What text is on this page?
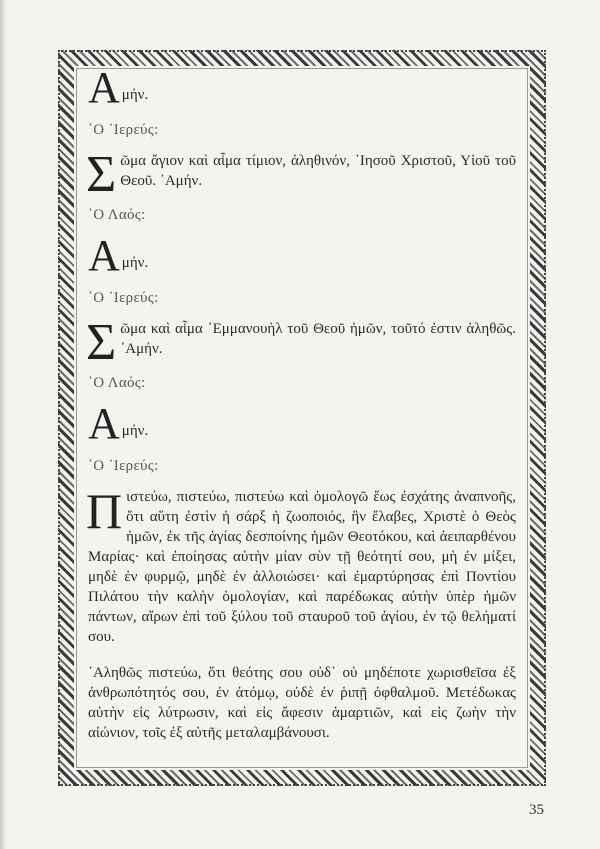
Α μήν.
῾Ο ῾Ιερεύς:
Σ ῶμα ἅγιον καὶ αἷμα τίμιον, ἀληθινόν, ᾿Ιησοῦ Χριστοῦ, Υἱοῦ τοῦ Θεοῦ. ᾿Αμήν.
῾Ο Λαός:
Α μήν.
῾Ο ῾Ιερεύς:
Σ ῶμα καὶ αἷμα ᾿Εμμανουὴλ τοῦ Θεοῦ ἡμῶν, τοῦτό ἐστιν ἀληθῶς. ᾿Αμήν.
῾Ο Λαός:
Α μήν.
῾Ο ῾Ιερεύς:
Π ιστεύω, πιστεύω, πιστεύω καὶ ὁμολογῶ ἕως ἐσχάτης ἀναπνοῆς, ὅτι αὕτη ἐστὶν ἡ σάρξ ἡ ζωοποιός, ἣν ἔλαβες, Χριστὲ ὁ Θεὸς ἡμῶν, ἐκ τῆς ἁγίας δεσποίνης ἡμῶν Θεοτόκου, καὶ ἀειπαρθένου Μαρίας· καὶ ἐποίησας αὐτὴν μίαν σὺν τῇ θεότητί σου, μὴ ἐν μίξει, μηδὲ ἐν φυρμῷ, μηδὲ ἐν ἀλλοιώσει· καὶ ἐμαρτύρησας ἐπὶ Ποντίου Πιλάτου τὴν καλὴν ὁμολογίαν, καὶ παρέδωκας αὐτὴν ὑπὲρ ἡμῶν πάντων, αἴρων ἐπὶ τοῦ ξύλου τοῦ σταυροῦ τοῦ ἁγίου, ἐν τῷ θελήματί σου.

᾿Αληθῶς πιστεύω, ὅτι θεότης σου οὐδ᾿ οὐ μηδέποτε χωρισθεῖσα ἐξ ἀνθρωπότητός σου, ἐν ἀτόμῳ, οὐδὲ ἐν ῥιπῇ ὀφθαλμοῦ. Μετέδωκας αὐτὴν εἰς λύτρωσιν, καὶ εἰς ἄφεσιν ἁμαρτιῶν, καὶ εἰς ζωὴν τὴν αἰώνιον, τοῖς ἐξ αὐτῆς μεταλαμβάνουσι.

35
